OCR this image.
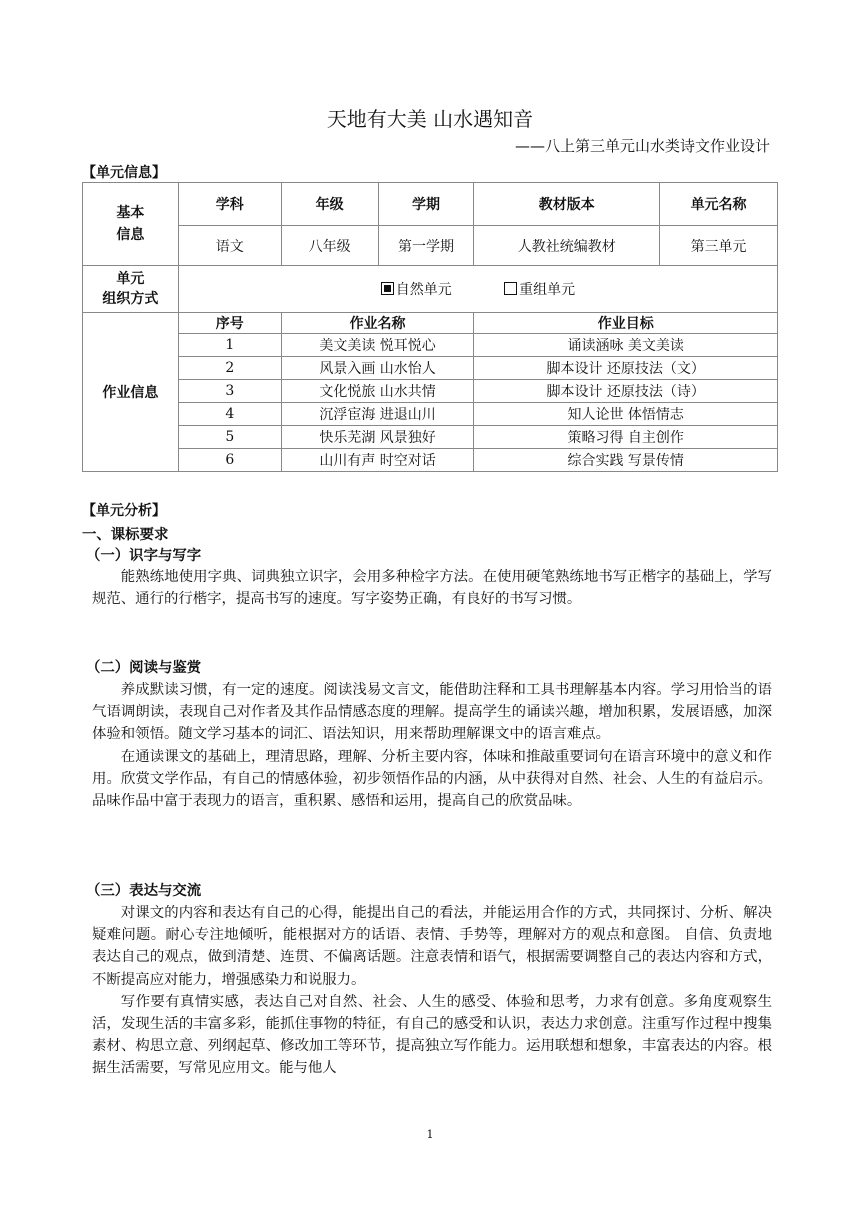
天地有大美 山水遇知音
——八上第三单元山水类诗文作业设计
【单元信息】
基本
信息	学科	年级	学期	教材版本	单元名称
	语文	八年级	第一学期	人教社统编教材	第三单元
单元
组织方式	自然单元 重组单元				
作业信息	序号	作业名称		作业目标	
	1	美文美读 悦耳悦心		诵读涵咏 美文美读	
	2	风景入画 山水怡人		脚本设计 还原技法（文）	
	3	文化悦旅 山水共情		脚本设计 还原技法（诗）	
	4	沉浮宦海 进退山川		知人论世 体悟情志	
	5	快乐芜湖 风景独好		策略习得 自主创作	
	6	山川有声 时空对话		综合实践 写景传情	
【单元分析】
一、课标要求
（一）识字与写字

能熟练地使用字典、词典独立识字，会用多种检字方法。在使用硬笔熟练地书写正楷字的基础上，学写规范、通行的行楷字，提高书写的速度。写字姿势正确，有良好的书写习惯。

（二）阅读与鉴赏

养成默读习惯，有一定的速度。阅读浅易文言文，能借助注释和工具书理解基本内容。学习用恰当的语气语调朗读，表现自己对作者及其作品情感态度的理解。提高学生的诵读兴趣，增加积累，发展语感，加深体验和领悟。随文学习基本的词汇、语法知识，用来帮助理解课文中的语言难点。

在通读课文的基础上，理清思路，理解、分析主要内容，体味和推敲重要词句在语言环境中的意义和作用。欣赏文学作品，有自己的情感体验，初步领悟作品的内涵，从中获得对自然、社会、人生的有益启示。品味作品中富于表现力的语言，重积累、感悟和运用，提高自己的欣赏品味。

（三）表达与交流

对课文的内容和表达有自己的心得，能提出自己的看法，并能运用合作的方式，共同探讨、分析、解决疑难问题。耐心专注地倾听，能根据对方的话语、表情、手势等，理解对方的观点和意图。 自信、负责地表达自己的观点，做到清楚、连贯、不偏离话题。注意表情和语气，根据需要调整自己的表达内容和方式，不断提高应对能力，增强感染力和说服力。

写作要有真情实感，表达自己对自然、社会、人生的感受、体验和思考，力求有创意。多角度观察生活，发现生活的丰富多彩，能抓住事物的特征，有自己的感受和认识，表达力求创意。注重写作过程中搜集素材、构思立意、列纲起草、修改加工等环节，提高独立写作能力。运用联想和想象，丰富表达的内容。根据生活需要，写常见应用文。能与他人

1
